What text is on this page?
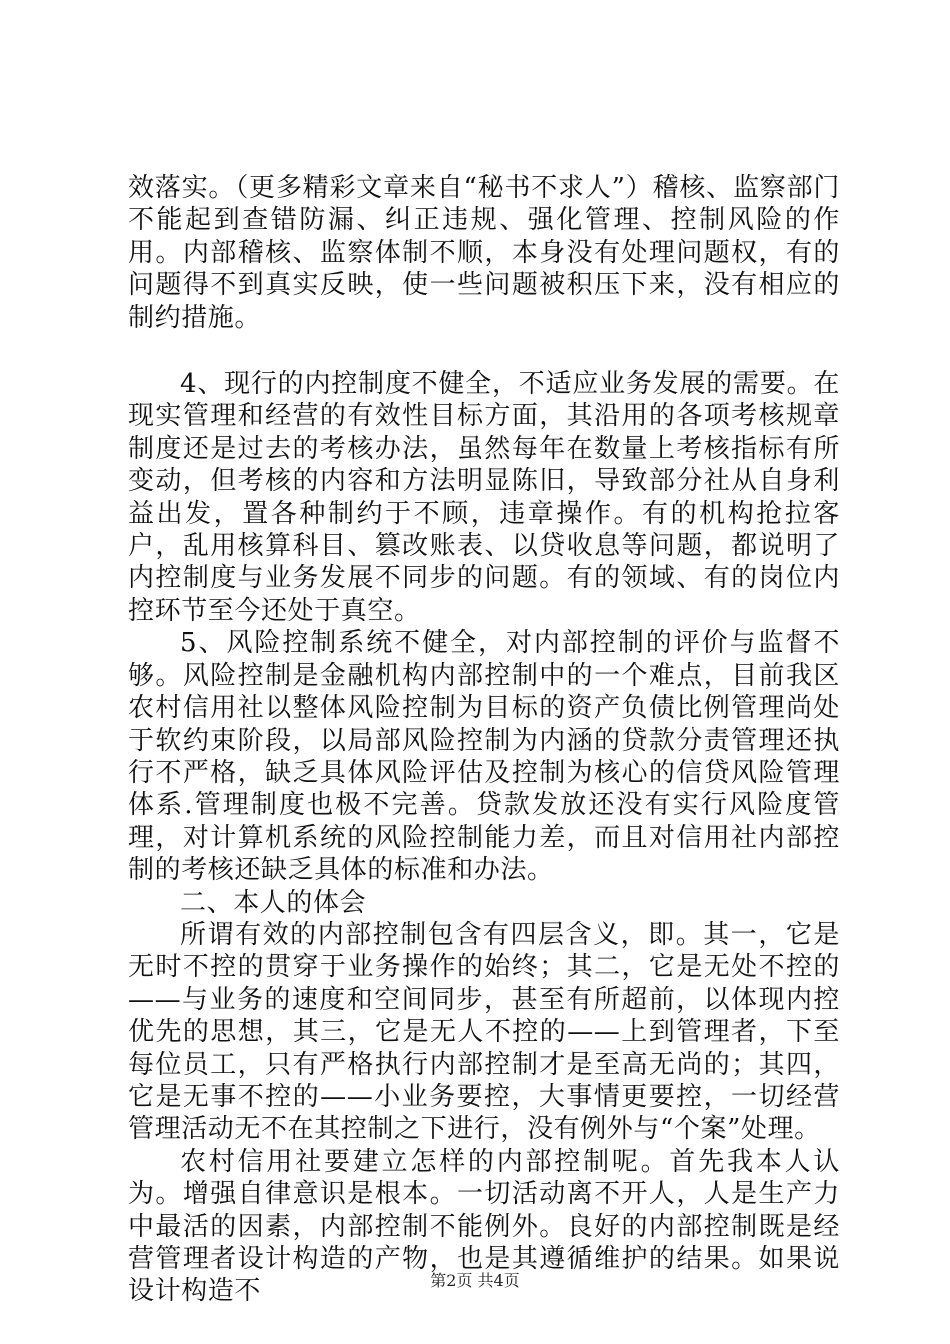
效落实。（更多精彩文章来自“秘书不求人”）稽核、监察部门不能起到查错防漏、纠正违规、强化管理、控制风险的作用。内部稽核、监察体制不顺，本身没有处理问题权，有的问题得不到真实反映，使一些问题被积压下来，没有相应的制约措施。

4、现行的内控制度不健全，不适应业务发展的需要。在现实管理和经营的有效性目标方面，其沿用的各项考核规章制度还是过去的考核办法，虽然每年在数量上考核指标有所变动，但考核的内容和方法明显陈旧，导致部分社从自身利益出发，置各种制约于不顾，违章操作。有的机构抢拉客户，乱用核算科目、篡改账表、以贷收息等问题，都说明了内控制度与业务发展不同步的问题。有的领域、有的岗位内控环节至今还处于真空。

5、风险控制系统不健全，对内部控制的评价与监督不够。风险控制是金融机构内部控制中的一个难点，目前我区农村信用社以整体风险控制为目标的资产负债比例管理尚处于软约束阶段，以局部风险控制为内涵的贷款分责管理还执行不严格，缺乏具体风险评估及控制为核心的信贷风险管理体系.管理制度也极不完善。贷款发放还没有实行风险度管理，对计算机系统的风险控制能力差，而且对信用社内部控制的考核还缺乏具体的标准和办法。

二、本人的体会

所谓有效的内部控制包含有四层含义，即。其一，它是无时不控的贯穿于业务操作的始终；其二，它是无处不控的——与业务的速度和空间同步，甚至有所超前，以体现内控优先的思想，其三，它是无人不控的——上到管理者，下至每位员工，只有严格执行内部控制才是至高无尚的；其四，它是无事不控的——小业务要控，大事情更要控，一切经营管理活动无不在其控制之下进行，没有例外与“个案”处理。

农村信用社要建立怎样的内部控制呢。首先我本人认为。增强自律意识是根本。一切活动离不开人，人是生产力中最活的因素，内部控制不能例外。良好的内部控制既是经营管理者设计构造的产物，也是其遵循维护的结果。如果说设计构造不	第2页 共4页
